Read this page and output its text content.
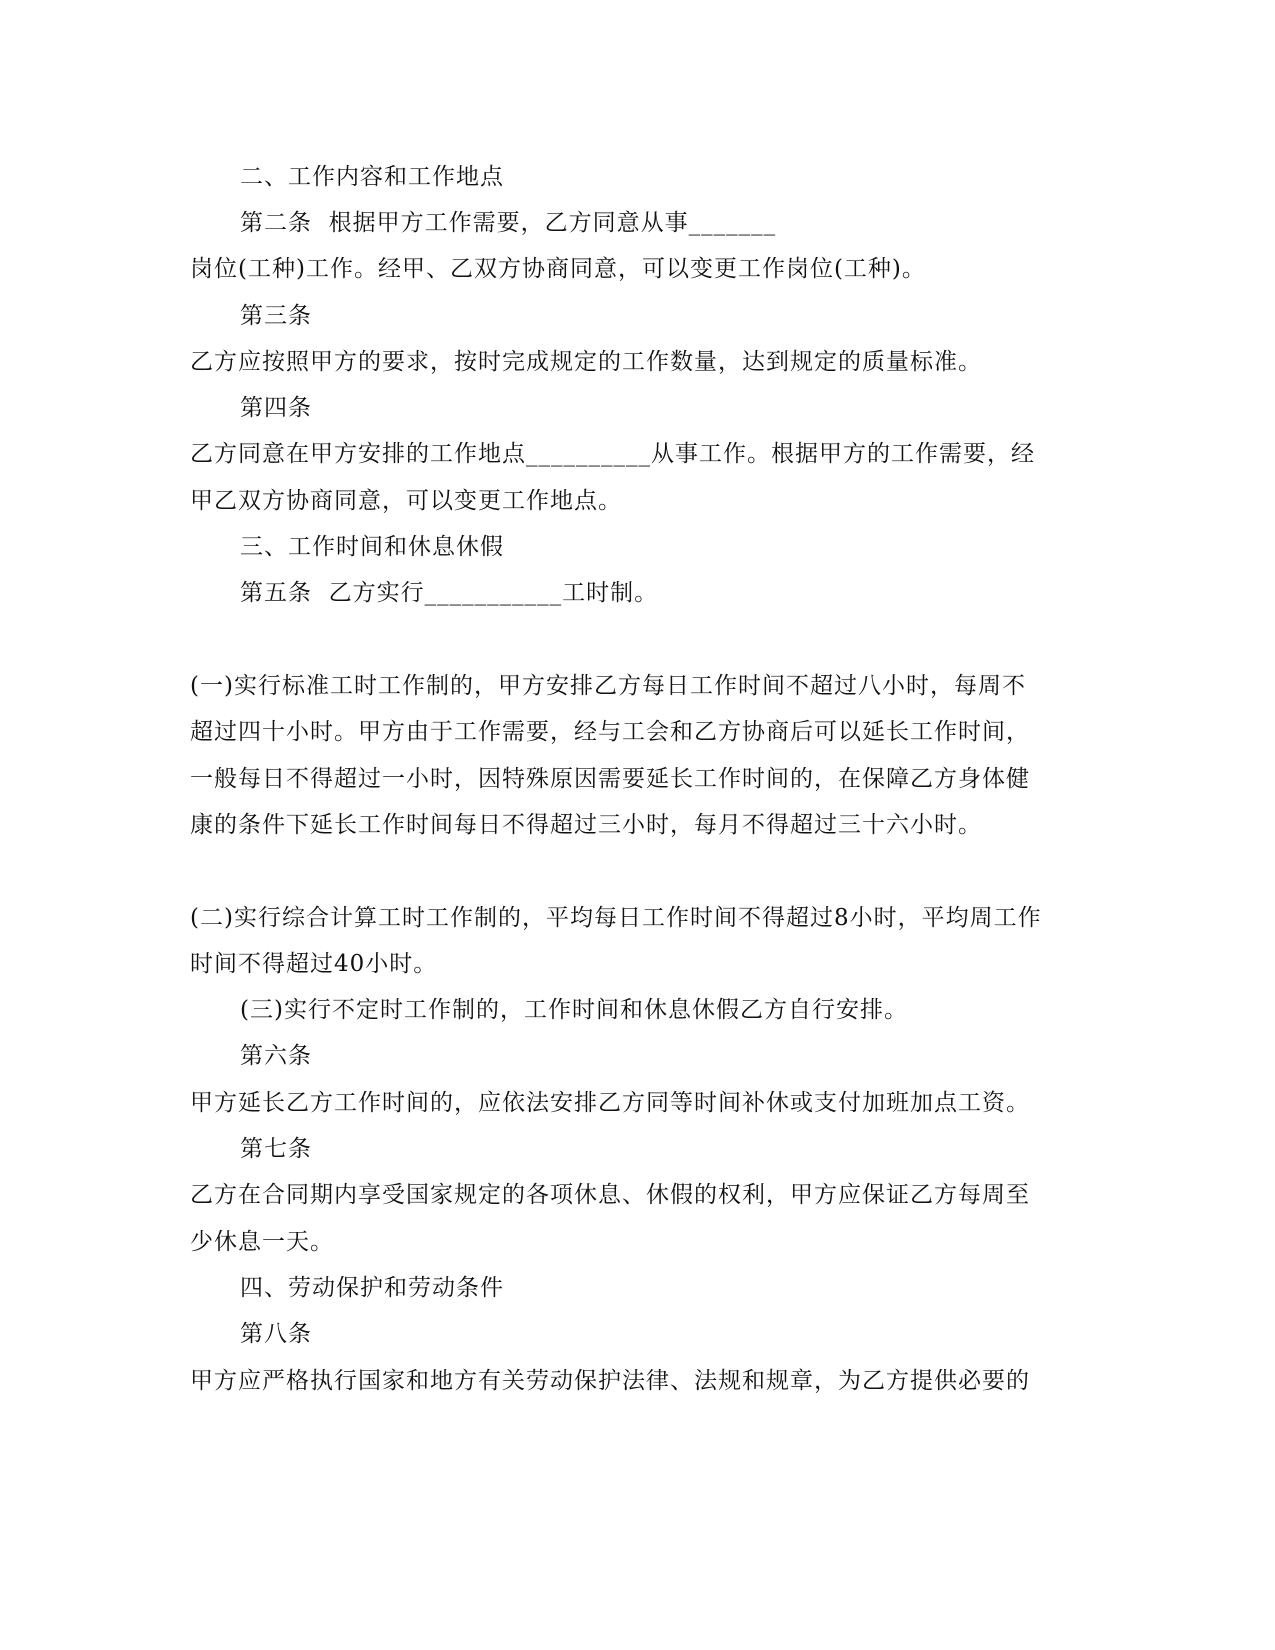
二、工作内容和工作地点
第二条  根据甲方工作需要，乙方同意从事_______
岗位(工种)工作。经甲、乙双方协商同意，可以变更工作岗位(工种)。
第三条
乙方应按照甲方的要求，按时完成规定的工作数量，达到规定的质量标准。
第四条
乙方同意在甲方安排的工作地点__________从事工作。根据甲方的工作需要，经
甲乙双方协商同意，可以变更工作地点。
三、工作时间和休息休假
第五条  乙方实行___________工时制。
(一)实行标准工时工作制的，甲方安排乙方每日工作时间不超过八小时，每周不
超过四十小时。甲方由于工作需要，经与工会和乙方协商后可以延长工作时间，
一般每日不得超过一小时，因特殊原因需要延长工作时间的，在保障乙方身体健
康的条件下延长工作时间每日不得超过三小时，每月不得超过三十六小时。
(二)实行综合计算工时工作制的，平均每日工作时间不得超过8小时，平均周工作
时间不得超过40小时。
(三)实行不定时工作制的，工作时间和休息休假乙方自行安排。
第六条
甲方延长乙方工作时间的，应依法安排乙方同等时间补休或支付加班加点工资。
第七条
乙方在合同期内享受国家规定的各项休息、休假的权利，甲方应保证乙方每周至
少休息一天。
四、劳动保护和劳动条件
第八条
甲方应严格执行国家和地方有关劳动保护法律、法规和规章，为乙方提供必要的
